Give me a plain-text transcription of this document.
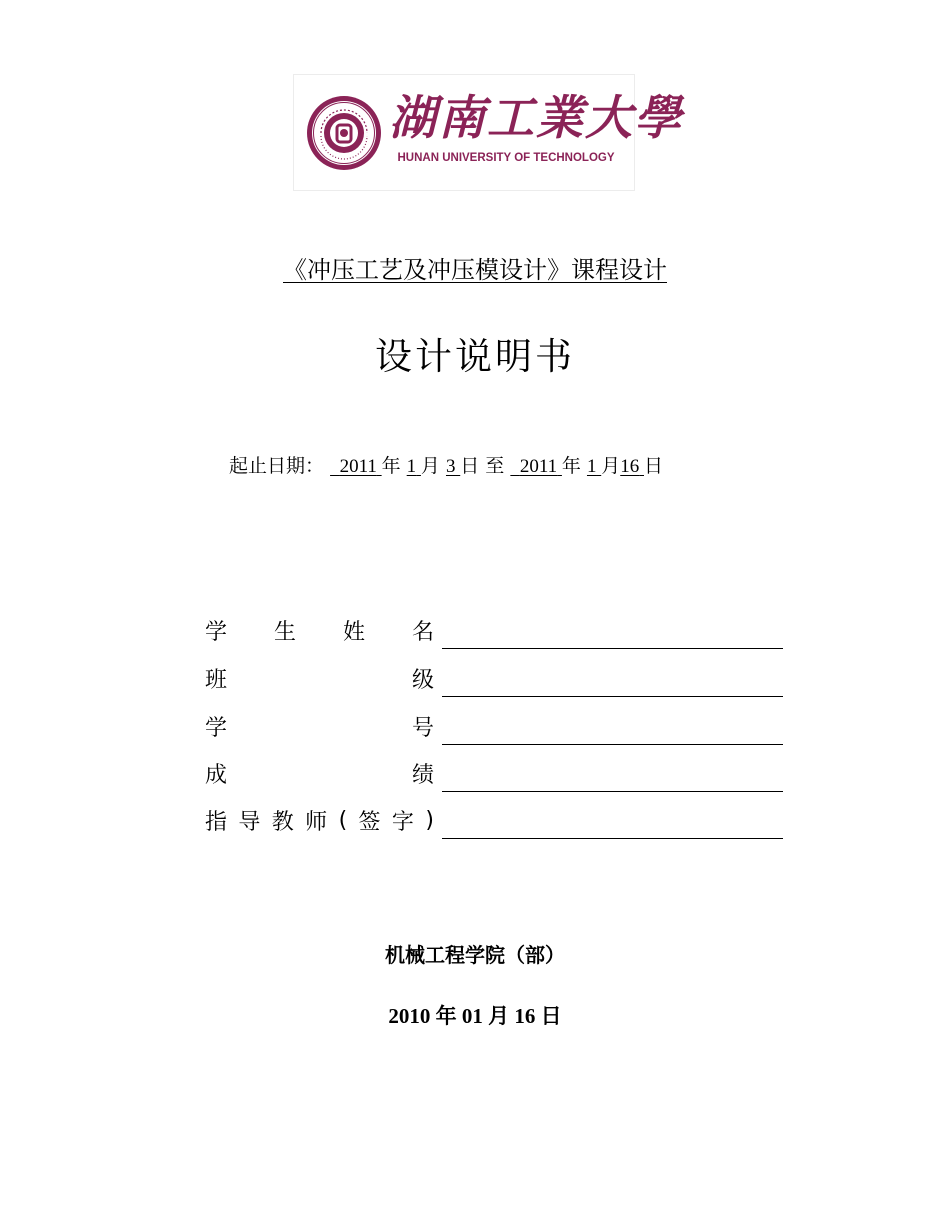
湖南工業大學
HUNAN UNIVERSITY OF TECHNOLOGY
《冲压工艺及冲压模设计》课程设计
设计说明书
起止日期： 2011 年 1 月 3 日 至 2011 年 1 月16 日
学 生 姓 名
班	级
学	号
成	绩
指 导 教 师 ( 签 字 )
机械工程学院（部）
2010 年 01 月 16 日
